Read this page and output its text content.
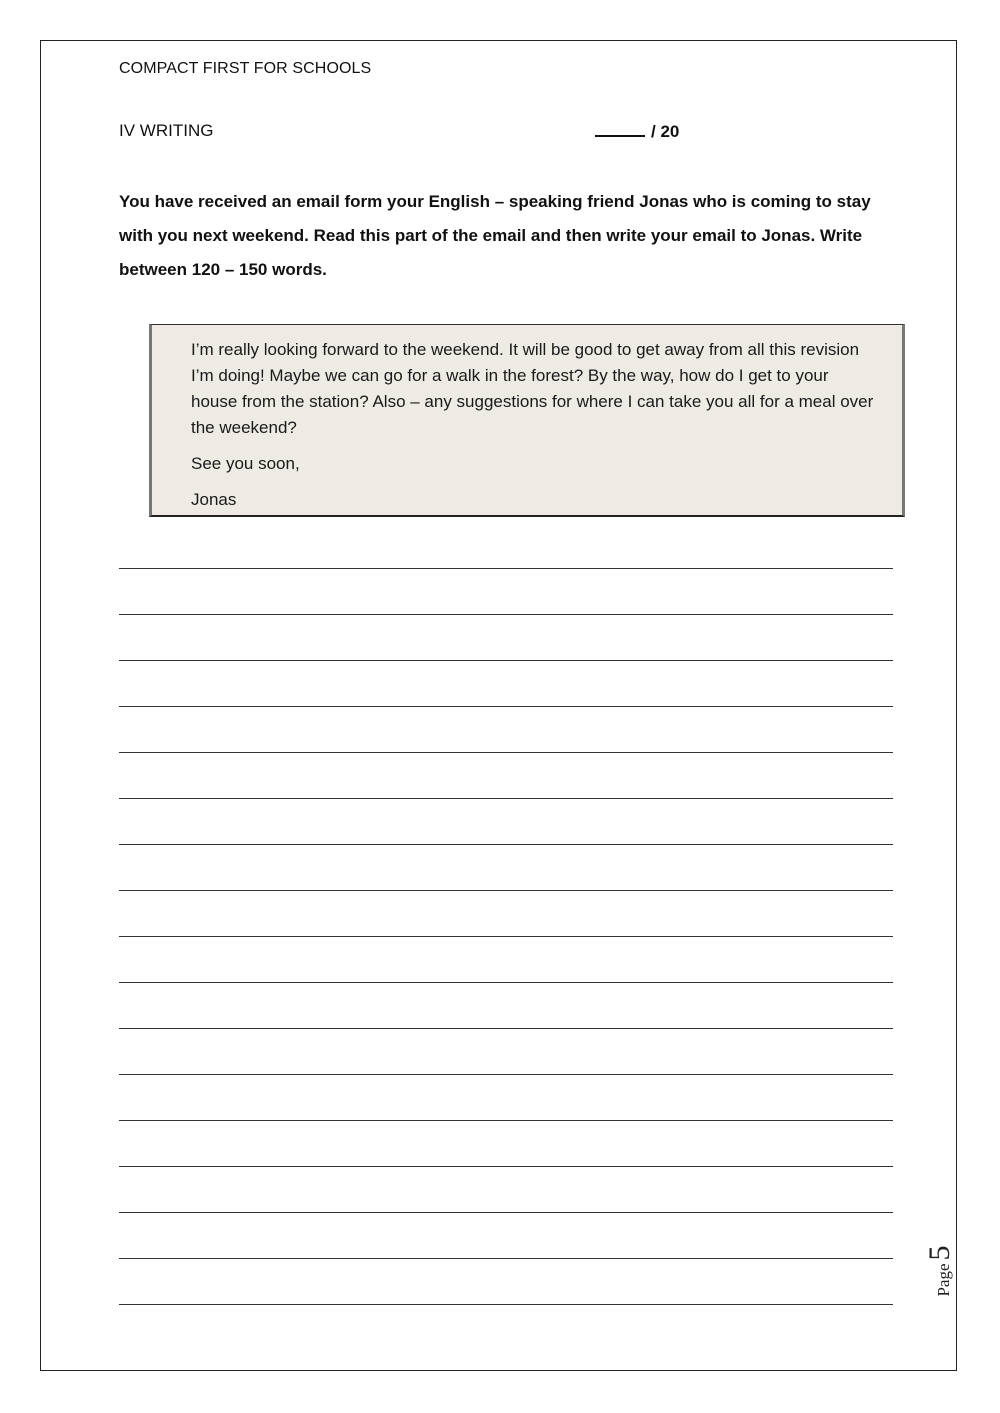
COMPACT FIRST FOR SCHOOLS
IV WRITING	/ 20
You have received an email form your English – speaking friend Jonas who is coming to stay with you next weekend. Read this part of the email and then write your email to Jonas. Write between 120 – 150 words.

I’m really looking forward to the weekend. It will be good to get away from all this revision I’m doing! Maybe we can go for a walk in the forest? By the way, how do I get to your house from the station? Also – any suggestions for where I can take you all for a meal over the weekend?

See you soon,

Jonas

Page5
